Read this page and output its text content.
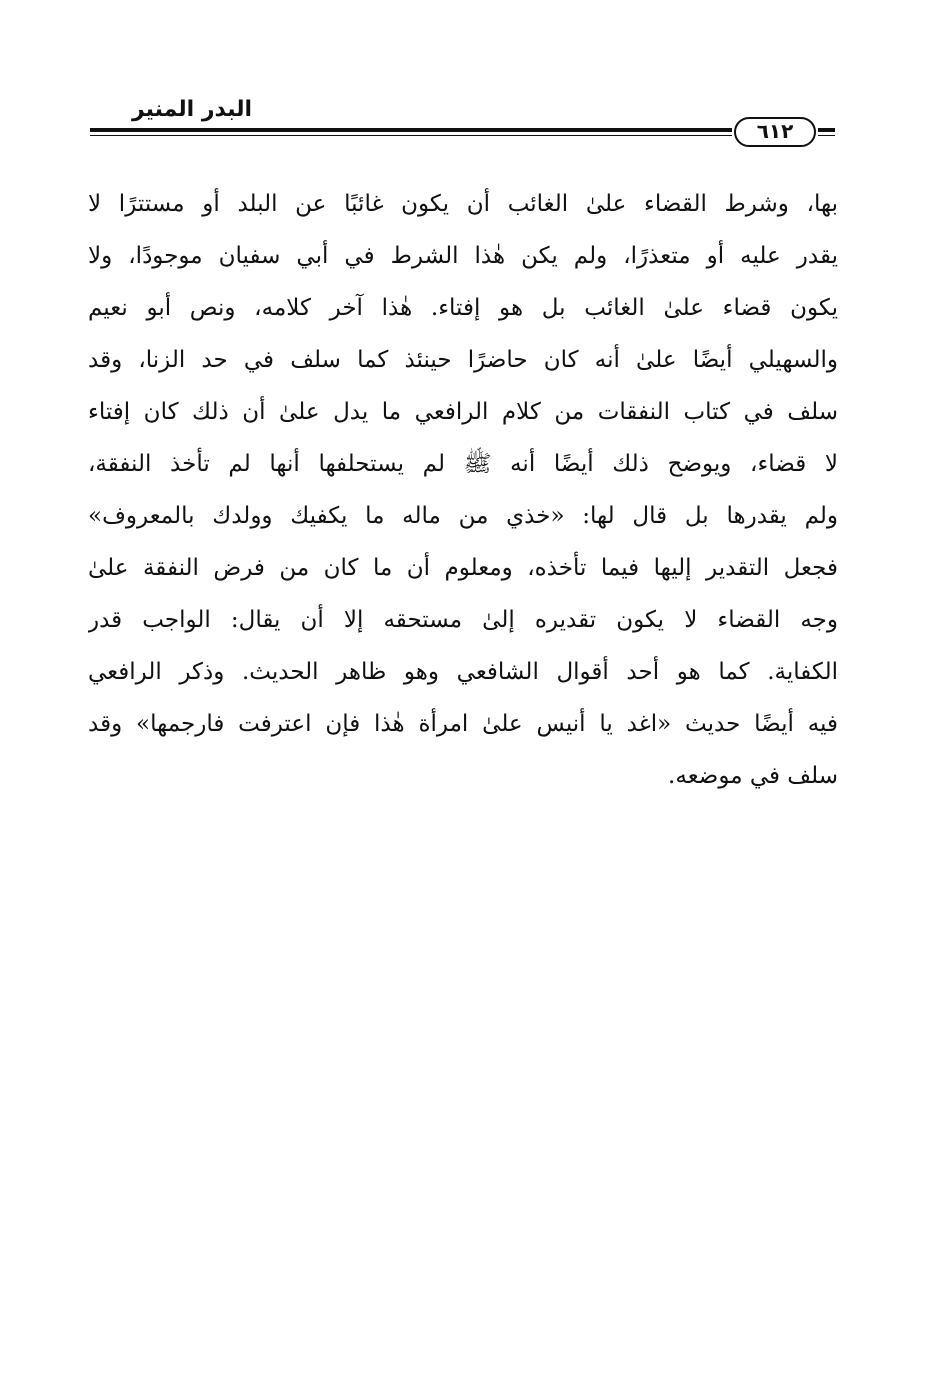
البدر المنير
٦١٢
بها، وشرط القضاء علىٰ الغائب أن يكون غائبًا عن البلد أو مستترًا لا
يقدر عليه أو متعذرًا، ولم يكن هٰذا الشرط في أبي سفيان موجودًا، ولا
يكون قضاء علىٰ الغائب بل هو إفتاء. هٰذا آخر كلامه، ونص أبو نعيم
والسهيلي أيضًا علىٰ أنه كان حاضرًا حينئذ كما سلف في حد الزنا، وقد
سلف في كتاب النفقات من كلام الرافعي ما يدل علىٰ أن ذلك كان إفتاء
لا قضاء، ويوضح ذلك أيضًا أنه ﷺ لم يستحلفها أنها لم تأخذ النفقة،
ولم يقدرها بل قال لها: «خذي من ماله ما يكفيك وولدك بالمعروف»
فجعل التقدير إليها فيما تأخذه، ومعلوم أن ما كان من فرض النفقة علىٰ
وجه القضاء لا يكون تقديره إلىٰ مستحقه إلا أن يقال: الواجب قدر
الكفاية. كما هو أحد أقوال الشافعي وهو ظاهر الحديث. وذكر الرافعي
فيه أيضًا حديث «اغد يا أنيس علىٰ امرأة هٰذا فإن اعترفت فارجمها» وقد
سلف في موضعه.
